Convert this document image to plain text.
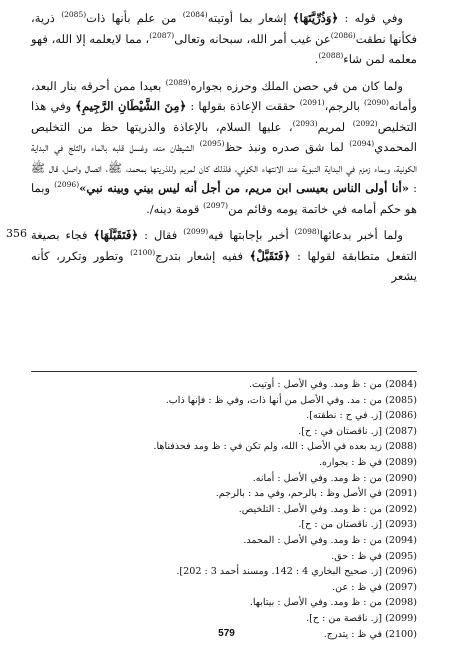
وفي قوله : ﴿وَذُرِّيَّتَهَا﴾ إشعار بما أوتيته$^{(2084)}$ من علم بأنها ذات$^{(2085)}$ ذرية، فكأنها نطقت$^{(2086)}$عن غيب أمر الله، سبحانه وتعالى$^{(2087)}$، مما لايعلمه إلا الله، فهو معلمه لمن شاء$^{(2088)}$.

ولما كان من في حصن الملك وحرزه بجواره$^{(2089)}$ بعيدا ممن أحرقه بنار البعد، وأمانه$^{(2090)}$ بالرجم،$^{(2091)}$ حققت الإعاذة بقولها : ﴿مِنَ الشَّيْطَانِ الرَّجِيمِ﴾ وفي هذا التخليص$^{(2092)}$ لمريم$^{(2093)}$، عليها السلام، بالإعاذة والذريتها حظ من التخليص المحمدي$^{(2094)}$ لما شق صدره ونبذ حظ$^{(2095)}$ الشيطان منه، وغسل قلبه بالماء والثلج في البداية الكونية، وبماء زمزم في البداية النبوية عند الانتهاء الكوني، فلذلك كان لمريم وللذريتها بمحمد، ﷺ، اتصال واصل، قال ﷺ : «أنا أولى الناس بعيسى ابن مريم، من أجل أنه ليس بيني وبينه نبي»$^{(2096)}$ وبما هو حكم أمامه في خاتمة يومه وقائم من$^{(2097)}$ قومة دينه/.

ولما أخبر بدعائها$^{(2098)}$ أخبر بإجابتها فيه$^{(2099)}$ فقال : ﴿فَتَقَبَّلَهَا﴾ فجاء بصيغة التفعل متطابقة لقولها : ﴿فَتَقَبَّلْ﴾ ففيه إشعار بتدرج$^{(2100)}$ وتطور وتكرر، كأنه يشعر

356

(2084) من : ظ ومد. وفي الأصل : أوتيت.

(2085) من : مد. وفي الأصل من أنها ذات، وفي ظ : فإنها ذاب.

(2086) [ز. في ح : نطقته].

(2087) [ز. ناقصتان في : ح].

(2088) زيد بعده في الأصل : الله، ولم تكن في : ظ ومد فحذفناها.

(2089) في ظ : بجواره.

(2090) من : ظ ومد. وفي الأصل : أمانه.

(2091) في الأصل وظ : بالرحم، وفي مد : بالرجم.

(2092) من : ظ ومد. وفي الأصل : التلخيص.

(2093) [ز. ناقصتان من : ح].

(2094) من : ظ ومد. وفي الأصل : المحمد.

(2095) في ظ : حق.

(2096) [ز. صحيح البخاري 4 : 142. ومسند أحمد 3 : 202].

(2097) في ظ : عن.

(2098) من : ظ ومد. وفي الأصل : بيتابها.

(2099) [ز. ناقصة من : ح].

(2100) في ظ : يتدرج.

579
